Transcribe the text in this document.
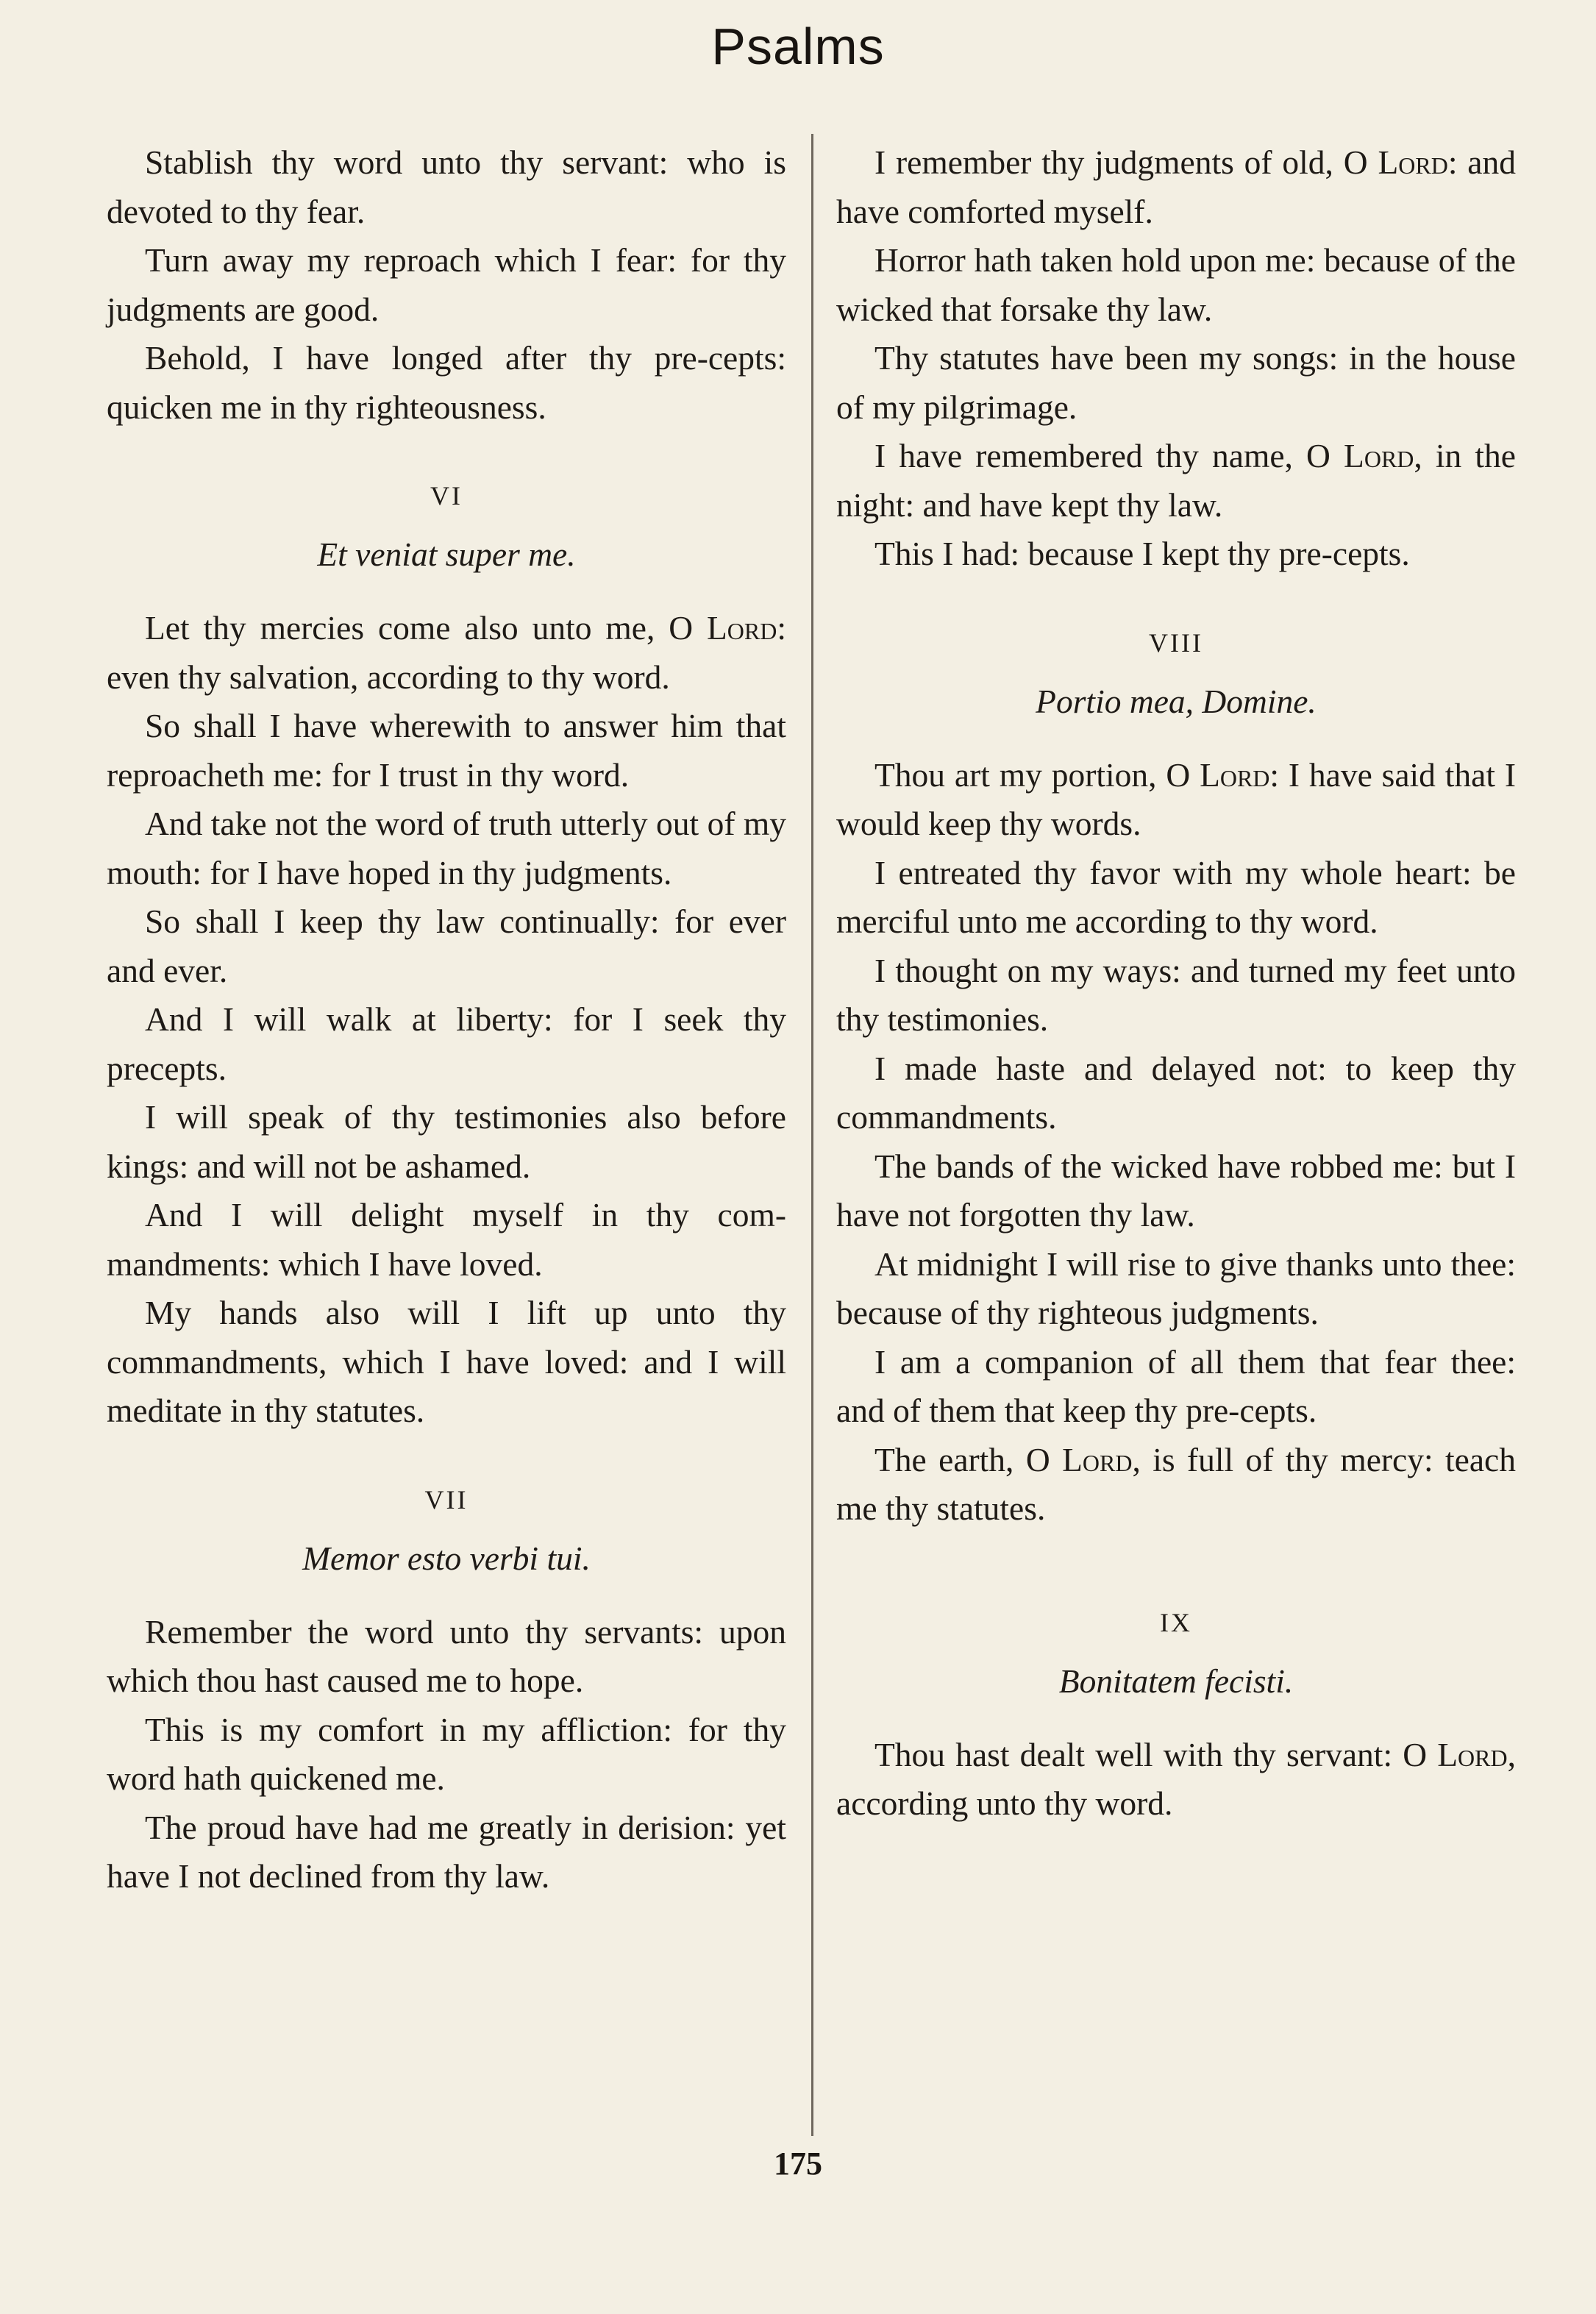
Psalms

Stablish thy word unto thy servant: who is devoted to thy fear.

Turn away my reproach which I fear: for thy judgments are good.

Behold, I have longed after thy pre-cepts: quicken me in thy righteousness.

VI

Et veniat super me.

Let thy mercies come also unto me, O Lord: even thy salvation, according to thy word.

So shall I have wherewith to answer him that reproacheth me: for I trust in thy word.

And take not the word of truth utterly out of my mouth: for I have hoped in thy judgments.

So shall I keep thy law continually: for ever and ever.

And I will walk at liberty: for I seek thy precepts.

I will speak of thy testimonies also before kings: and will not be ashamed.

And I will delight myself in thy com-mandments: which I have loved.

My hands also will I lift up unto thy commandments, which I have loved: and I will meditate in thy statutes.

VII

Memor esto verbi tui.

Remember the word unto thy servants: upon which thou hast caused me to hope.

This is my comfort in my affliction: for thy word hath quickened me.

The proud have had me greatly in derision: yet have I not declined from thy law.

I remember thy judgments of old, O Lord: and have comforted myself.

Horror hath taken hold upon me: because of the wicked that forsake thy law.

Thy statutes have been my songs: in the house of my pilgrimage.

I have remembered thy name, O Lord, in the night: and have kept thy law.

This I had: because I kept thy pre-cepts.

VIII

Portio mea, Domine.

Thou art my portion, O Lord: I have said that I would keep thy words.

I entreated thy favor with my whole heart: be merciful unto me according to thy word.

I thought on my ways: and turned my feet unto thy testimonies.

I made haste and delayed not: to keep thy commandments.

The bands of the wicked have robbed me: but I have not forgotten thy law.

At midnight I will rise to give thanks unto thee: because of thy righteous judgments.

I am a companion of all them that fear thee: and of them that keep thy pre-cepts.

The earth, O Lord, is full of thy mercy: teach me thy statutes.

IX

Bonitatem fecisti.

Thou hast dealt well with thy servant: O Lord, according unto thy word.

175
